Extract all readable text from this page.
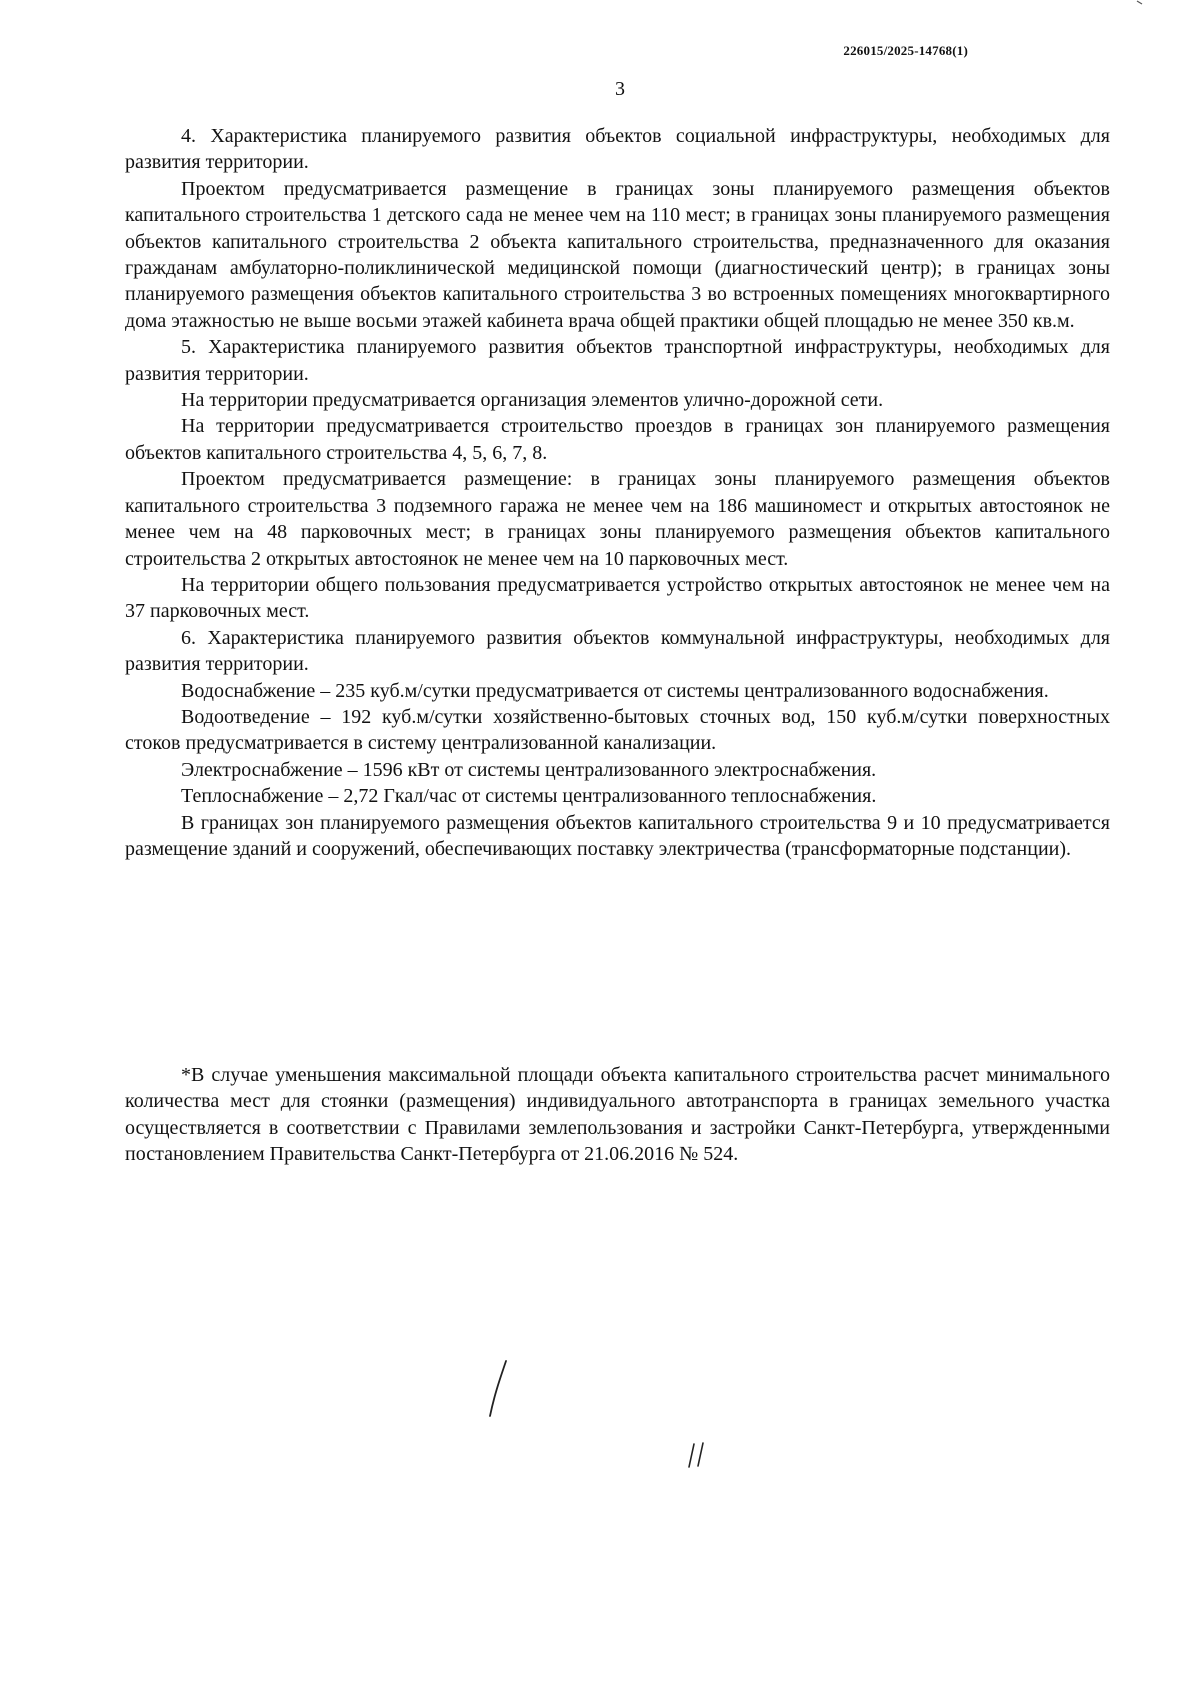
226015/2025-14768(1)
3

4. Характеристика планируемого развития объектов социальной инфраструктуры, необходимых для развития территории.

Проектом предусматривается размещение в границах зоны планируемого размещения объектов капитального строительства 1 детского сада не менее чем на 110 мест; в границах зоны планируемого размещения объектов капитального строительства 2 объекта капитального строительства, предназначенного для оказания гражданам амбулаторно-поликлинической медицинской помощи (диагностический центр); в границах зоны планируемого размещения объектов капитального строительства 3 во встроенных помещениях многоквартирного дома этажностью не выше восьми этажей кабинета врача общей практики общей площадью не менее 350 кв.м.

5. Характеристика планируемого развития объектов транспортной инфраструктуры, необходимых для развития территории.

На территории предусматривается организация элементов улично-дорожной сети.

На территории предусматривается строительство проездов в границах зон планируемого размещения объектов капитального строительства 4, 5, 6, 7, 8.

Проектом предусматривается размещение: в границах зоны планируемого размещения объектов капитального строительства 3 подземного гаража не менее чем на 186 машиномест и открытых автостоянок не менее чем на 48 парковочных мест; в границах зоны планируемого размещения объектов капитального строительства 2 открытых автостоянок не менее чем на 10 парковочных мест.

На территории общего пользования предусматривается устройство открытых автостоянок не менее чем на 37 парковочных мест.

6. Характеристика планируемого развития объектов коммунальной инфраструктуры, необходимых для развития территории.

Водоснабжение – 235 куб.м/сутки предусматривается от системы централизованного водоснабжения.

Водоотведение – 192 куб.м/сутки хозяйственно-бытовых сточных вод, 150 куб.м/сутки поверхностных стоков предусматривается в систему централизованной канализации.

Электроснабжение – 1596 кВт от системы централизованного электроснабжения.

Теплоснабжение – 2,72 Гкал/час от системы централизованного теплоснабжения.

В границах зон планируемого размещения объектов капитального строительства 9 и 10 предусматривается размещение зданий и сооружений, обеспечивающих поставку электричества (трансформаторные подстанции).

*В случае уменьшения максимальной площади объекта капитального строительства расчет минимального количества мест для стоянки (размещения) индивидуального автотранспорта в границах земельного участка осуществляется в соответствии с Правилами землепользования и застройки Санкт-Петербурга, утвержденными постановлением Правительства Санкт-Петербурга от 21.06.2016 № 524.
